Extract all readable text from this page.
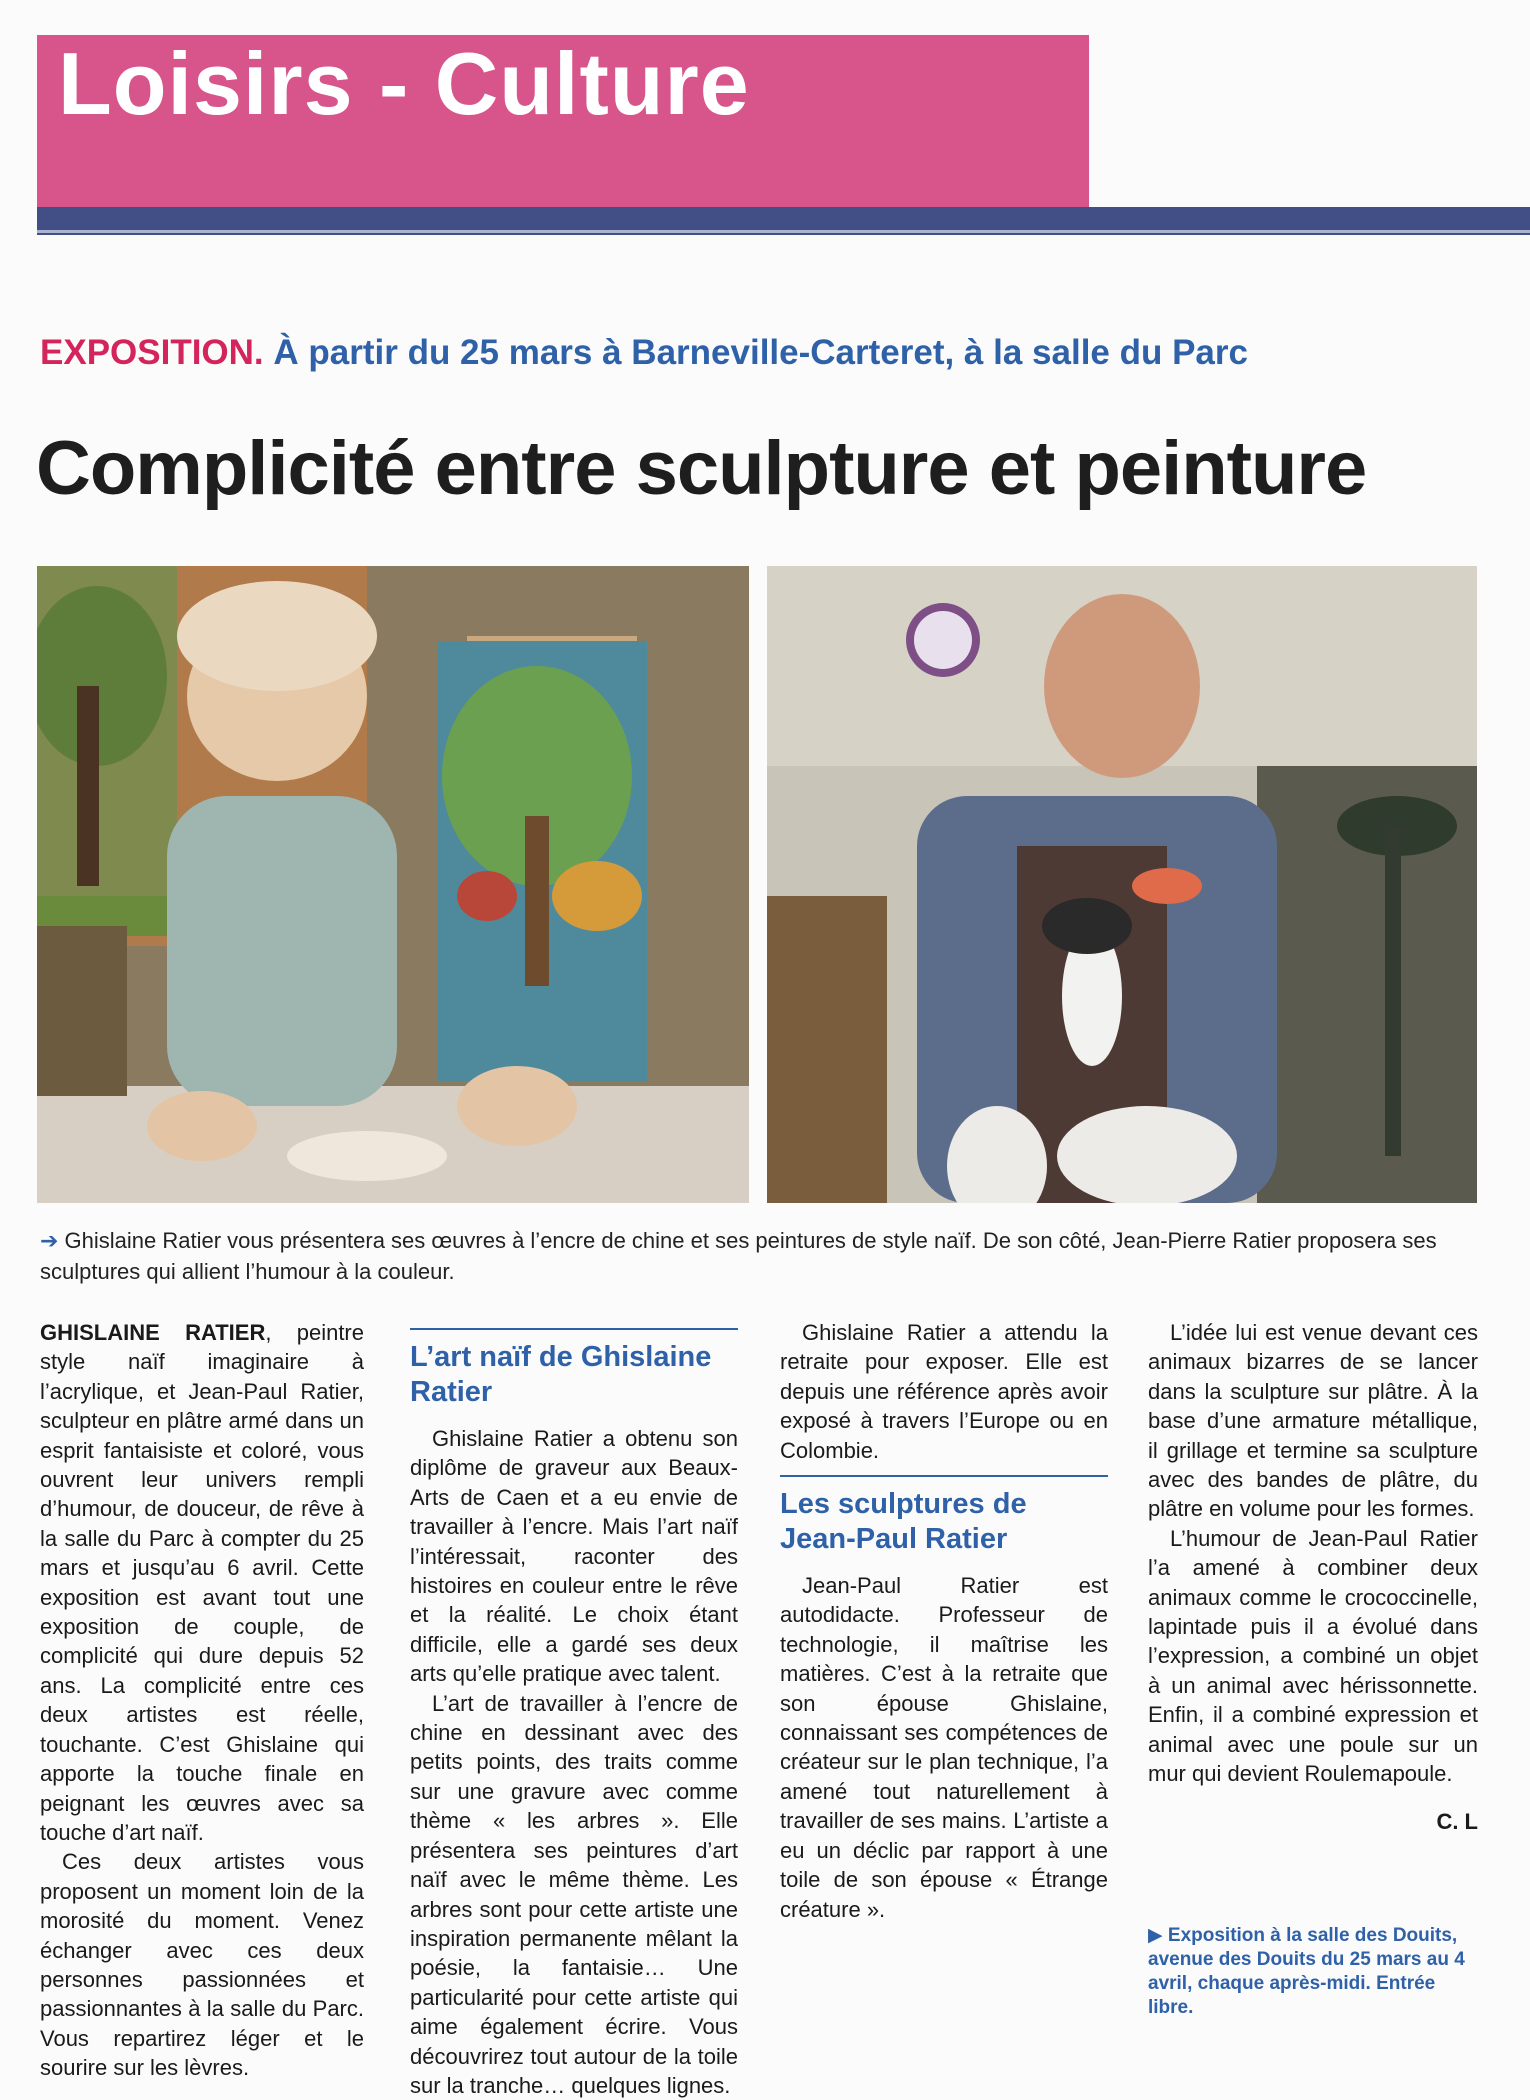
Loisirs - Culture
EXPOSITION. À partir du 25 mars à Barneville-Carteret, à la salle du Parc
Complicité entre sculpture et peinture
➔ Ghislaine Ratier vous présentera ses œuvres à l’encre de chine et ses peintures de style naïf. De son côté, Jean-Pierre Ratier proposera ses sculptures qui allient l’humour à la couleur.

GHISLAINE RATIER, peintre style naïf imaginaire à l’acrylique, et Jean-Paul Ratier, sculpteur en plâtre armé dans un esprit fantaisiste et coloré, vous ouvrent leur univers rempli d’humour, de douceur, de rêve à la salle du Parc à compter du 25 mars et jusqu’au 6 avril. Cette exposition est avant tout une exposition de couple, de complicité qui dure depuis 52 ans. La complicité entre ces deux artistes est réelle, touchante. C’est Ghislaine qui apporte la touche finale en peignant les œuvres avec sa touche d’art naïf.

Ces deux artistes vous proposent un moment loin de la morosité du moment. Venez échanger avec ces deux personnes passionnées et passionnantes à la salle du Parc. Vous repartirez léger et le sourire sur les lèvres.

L’art naïf de Ghislaine Ratier

Ghislaine Ratier a obtenu son diplôme de graveur aux Beaux-Arts de Caen et a eu envie de travailler à l’encre. Mais l’art naïf l’intéressait, raconter des histoires en couleur entre le rêve et la réalité. Le choix étant difficile, elle a gardé ses deux arts qu’elle pratique avec talent.

L’art de travailler à l’encre de chine en dessinant avec des petits points, des traits comme sur une gravure avec comme thème « les arbres ». Elle présentera ses peintures d’art naïf avec le même thème. Les arbres sont pour cette artiste une inspiration permanente mêlant la poésie, la fantaisie… Une particularité pour cette artiste qui aime également écrire. Vous découvrirez tout autour de la toile sur la tranche… quelques lignes.

Ghislaine Ratier a attendu la retraite pour exposer. Elle est depuis une référence après avoir exposé à travers l’Europe ou en Colombie.

Les sculptures de Jean-Paul Ratier

Jean-Paul Ratier est autodidacte. Professeur de technologie, il maîtrise les matières. C’est à la retraite que son épouse Ghislaine, connaissant ses compétences de créateur sur le plan technique, l’a amené tout naturellement à travailler de ses mains. L’artiste a eu un déclic par rapport à une toile de son épouse « Étrange créature ».

L’idée lui est venue devant ces animaux bizarres de se lancer dans la sculpture sur plâtre. À la base d’une armature métallique, il grillage et termine sa sculpture avec des bandes de plâtre, du plâtre en volume pour les formes.

L’humour de Jean-Paul Ratier l’a amené à combiner deux animaux comme le crococcinelle, lapintade puis il a évolué dans l’expression, a combiné un objet à un animal avec hérissonnette. Enfin, il a combiné expression et animal avec une poule sur un mur qui devient Roulemapoule.

C. L
▶ Exposition à la salle des Douits, avenue des Douits du 25 mars au 4 avril, chaque après-midi. Entrée libre.
